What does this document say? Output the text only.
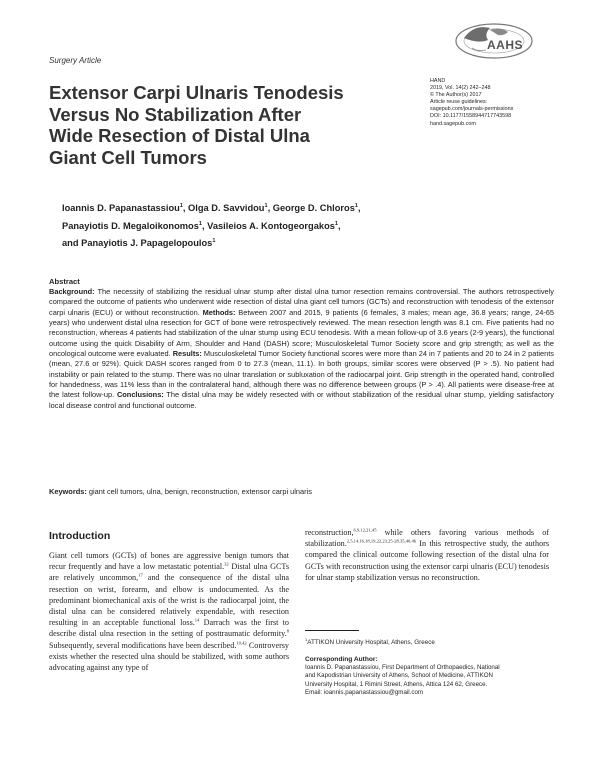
Surgery Article
AAHS
HAND
2019, Vol. 14(2) 242–248
© The Author(s) 2017
Article reuse guidelines:
sagepub.com/journals-permissions
DOI: 10.1177/1558944717743598
hand.sagepub.com
Extensor Carpi Ulnaris Tenodesis
Versus No Stabilization After
Wide Resection of Distal Ulna
Giant Cell Tumors
Ioannis D. Papanastassiou$^1$, Olga D. Savvidou$^1$, George D. Chloros$^1$,
Panayiotis D. Megaloikonomos$^1$, Vasileios A. Kontogeorgakos$^1$,
and Panayiotis J. Papagelopoulos$^1$
Abstract
Background: The necessity of stabilizing the residual ulnar stump after distal ulna tumor resection remains controversial. The authors retrospectively compared the outcome of patients who underwent wide resection of distal ulna giant cell tumors (GCTs) and reconstruction with tenodesis of the extensor carpi ulnaris (ECU) or without reconstruction. Methods: Between 2007 and 2015, 9 patients (6 females, 3 males; mean age, 36.8 years; range, 24-65 years) who underwent distal ulna resection for GCT of bone were retrospectively reviewed. The mean resection length was 8.1 cm. Five patients had no reconstruction, whereas 4 patients had stabilization of the ulnar stump using ECU tenodesis. With a mean follow-up of 3.6 years (2-9 years), the functional outcome using the quick Disability of Arm, Shoulder and Hand (DASH) score; Musculoskeletal Tumor Society score and grip strength; as well as the oncological outcome were evaluated. Results: Musculoskeletal Tumor Society functional scores were more than 24 in 7 patients and 20 to 24 in 2 patients (mean, 27.6 or 92%). Quick DASH scores ranged from 0 to 27.3 (mean, 11.1). In both groups, similar scores were observed (P > .5). No patient had instability or pain related to the stump. There was no ulnar translation or subluxation of the radiocarpal joint. Grip strength in the operated hand, controlled for handedness, was 11% less than in the contralateral hand, although there was no difference between groups (P > .4). All patients were disease-free at the latest follow-up. Conclusions: The distal ulna may be widely resected with or without stabilization of the residual ulnar stump, yielding satisfactory local disease control and functional outcome.
Keywords: giant cell tumors, ulna, benign, reconstruction, extensor carpi ulnaris
Introduction

Giant cell tumors (GCTs) of bones are aggressive benign tumors that recur frequently and have a low metastatic potential.$^{32}$ Distal ulna GCTs are relatively uncommon,$^{17}$ and the consequence of the distal ulna resection on wrist, forearm, and elbow is undocumented. As the predominant biomechanical axis of the wrist is the radiocarpal joint, the distal ulna can be considered relatively expendable, with resection resulting in an acceptable functional loss.$^{14}$ Darrach was the first to describe distal ulna resection in the setting of posttraumatic deformity.$^8$ Subsequently, several modifications have been described.$^{10,42}$ Controversy exists whether the resected ulna should be stabilized, with some authors advocating against any type of

reconstruction,$^{6,9,12,21,45}$ while others favoring various methods of stabilization.$^{2,5,14,16,18,19,22,23,25-28,35,40,46}$ In this retrospective study, the authors compared the clinical outcome following resection of the distal ulna for GCTs with reconstruction using the extensor carpi ulnaris (ECU) tenodesis for ulnar stamp stabilization versus no reconstruction.

$^1$ATTIKON University Hospital, Athens, Greece
Corresponding Author:
Ioannis D. Papanastassiou, First Department of Orthopaedics, National
and Kapodistrian University of Athens, School of Medicine, ATTIKON
University Hospital, 1 Rimini Street, Athens, Attica 124 62, Greece.
Email: ioannis.papanastassiou@gmail.com
